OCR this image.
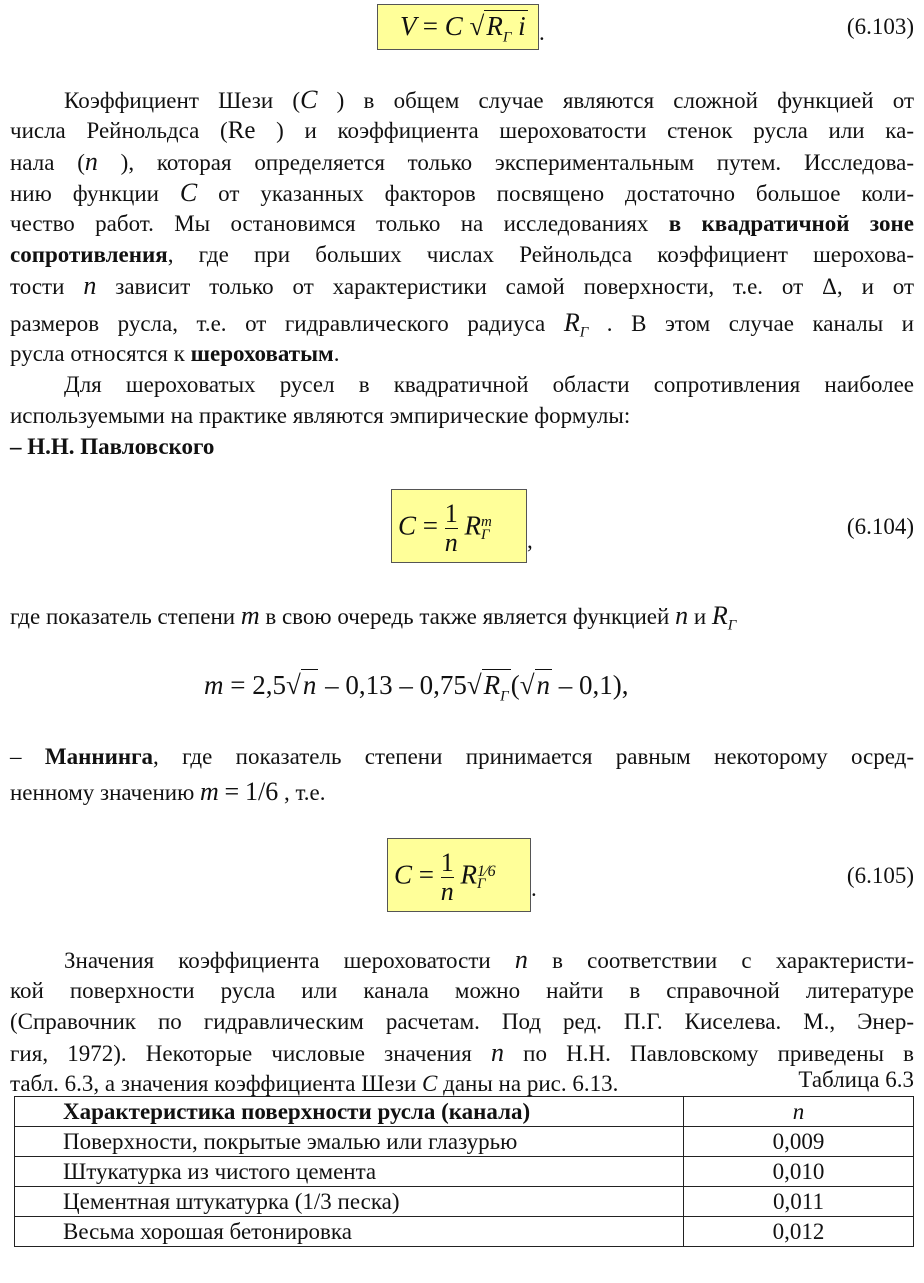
V = C $√R_Г$ i .	(6.103)
Коэффициент Шези (C ) в общем случае являются сложной функцией от
числа Рейнольдса (Re ) и коэффициента шероховатости стенок русла или ка-
нала (n ), которая определяется только экспериментальным путем. Исследова-
нию функции C от указанных факторов посвящено достаточно большое коли-
чество работ. Мы остановимся только на исследованиях в квадратичной зоне
сопротивления, где при больших числах Рейнольдса коэффициент шерохова-
тости n зависит только от характеристики самой поверхности, т.е. от Δ, и от
размеров русла, т.е. от гидравлического радиуса $R_Г$ . В этом случае каналы и
русла относятся к шероховатым.
Для шероховатых русел в квадратичной области сопротивления наиболее
используемыми на практике являются эмпирические формулы:
– Н.Н. Павловского
$C = \frac{1}{n}$ R m
Г ,
(6.104)
где показатель степени m в свою очередь также является функцией n и $R_Г$
$m = 2,5√n - 0,13 - 0,75√R_Г(√n - 0,1)$,
– Маннинга, где показатель степени принимается равным некоторому осред-
ненному значению m = 1/6 , т.е.
$C = \frac{1}{n}$ R 1⁄6
Г	.
(6.105)
Значения коэффициента шероховатости n в соответствии с характеристи-
кой поверхности русла или канала можно найти в справочной литературе
(Справочник по гидравлическим расчетам. Под ред. П.Г. Киселева. М., Энер-
гия, 1972). Некоторые числовые значения n по Н.Н. Павловскому приведены в
табл. 6.3, а значения коэффициента Шези C даны на рис. 6.13.	Таблица 6.3
Характеристика поверхности русла (канала)	n
Поверхности, покрытые эмалью или глазурью	0,009
Штукатурка из чистого цемента	0,010
Цементная штукатурка (1/3 песка)	0,011
Весьма хорошая бетонировка	0,012
